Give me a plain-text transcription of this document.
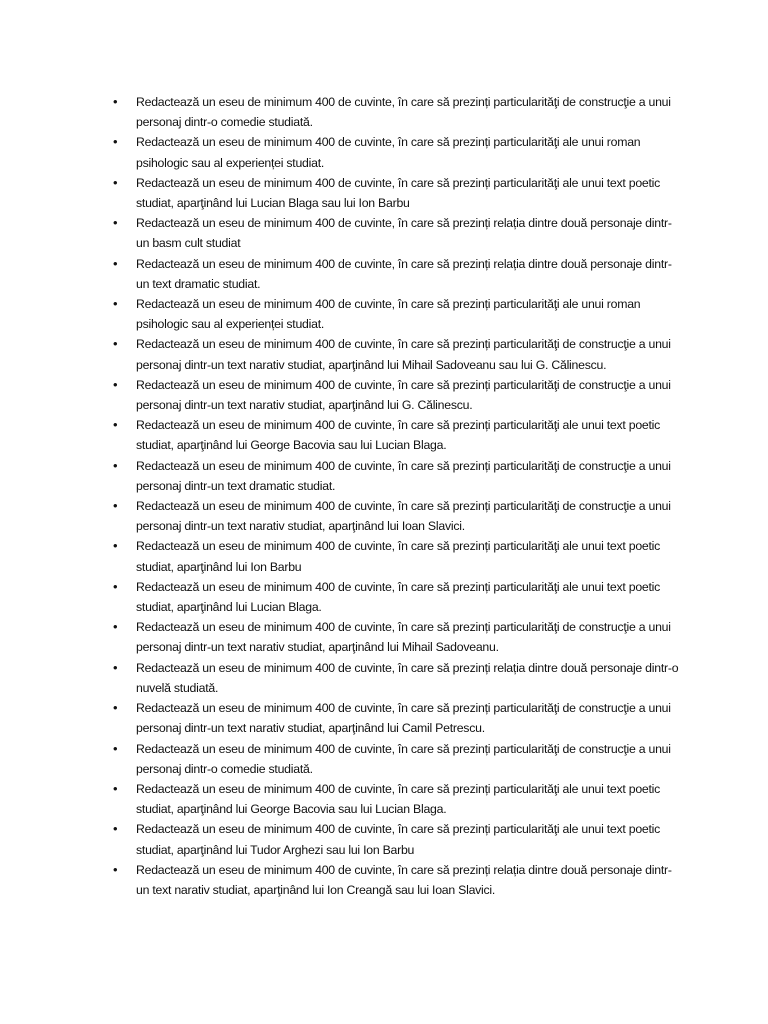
• Redactează un eseu de minimum 400 de cuvinte, în care să prezinți particularităţi de construcţie a unui personaj dintr-o comedie studiată.
• Redactează un eseu de minimum 400 de cuvinte, în care să prezinți particularităţi ale unui roman psihologic sau al experienței studiat.
• Redactează un eseu de minimum 400 de cuvinte, în care să prezinți particularităţi ale unui text poetic studiat, aparţinând lui Lucian Blaga sau lui Ion Barbu
• Redactează un eseu de minimum 400 de cuvinte, în care să prezinți relația dintre două personaje dintr-un basm cult studiat
• Redactează un eseu de minimum 400 de cuvinte, în care să prezinți relația dintre două personaje dintr-un text dramatic studiat.
• Redactează un eseu de minimum 400 de cuvinte, în care să prezinți particularităţi ale unui roman psihologic sau al experienței studiat.
• Redactează un eseu de minimum 400 de cuvinte, în care să prezinți particularităţi de construcţie a unui personaj dintr-un text narativ studiat, aparţinând lui Mihail Sadoveanu sau lui G. Călinescu.
• Redactează un eseu de minimum 400 de cuvinte, în care să prezinți particularităţi de construcţie a unui personaj dintr-un text narativ studiat, aparţinând lui G. Călinescu.
• Redactează un eseu de minimum 400 de cuvinte, în care să prezinți particularităţi ale unui text poetic studiat, aparţinând lui George Bacovia sau lui Lucian Blaga.
• Redactează un eseu de minimum 400 de cuvinte, în care să prezinți particularităţi de construcţie a unui personaj dintr-un text dramatic studiat.
• Redactează un eseu de minimum 400 de cuvinte, în care să prezinți particularităţi de construcţie a unui personaj dintr-un text narativ studiat, aparţinând lui Ioan Slavici.
• Redactează un eseu de minimum 400 de cuvinte, în care să prezinți particularităţi ale unui text poetic studiat, aparţinând lui Ion Barbu
• Redactează un eseu de minimum 400 de cuvinte, în care să prezinți particularităţi ale unui text poetic studiat, aparţinând lui Lucian Blaga.
• Redactează un eseu de minimum 400 de cuvinte, în care să prezinți particularităţi de construcţie a unui personaj dintr-un text narativ studiat, aparţinând lui Mihail Sadoveanu.
• Redactează un eseu de minimum 400 de cuvinte, în care să prezinți relația dintre două personaje dintr-o nuvelă studiată.
• Redactează un eseu de minimum 400 de cuvinte, în care să prezinți particularităţi de construcţie a unui personaj dintr-un text narativ studiat, aparţinând lui Camil Petrescu.
• Redactează un eseu de minimum 400 de cuvinte, în care să prezinți particularităţi de construcţie a unui personaj dintr-o comedie studiată.
• Redactează un eseu de minimum 400 de cuvinte, în care să prezinți particularităţi ale unui text poetic studiat, aparţinând lui George Bacovia sau lui Lucian Blaga.
• Redactează un eseu de minimum 400 de cuvinte, în care să prezinți particularităţi ale unui text poetic studiat, aparţinând lui Tudor Arghezi sau lui Ion Barbu
• Redactează un eseu de minimum 400 de cuvinte, în care să prezinți relația dintre două personaje dintr-un text narativ studiat, aparţinând lui Ion Creangă sau lui Ioan Slavici.
